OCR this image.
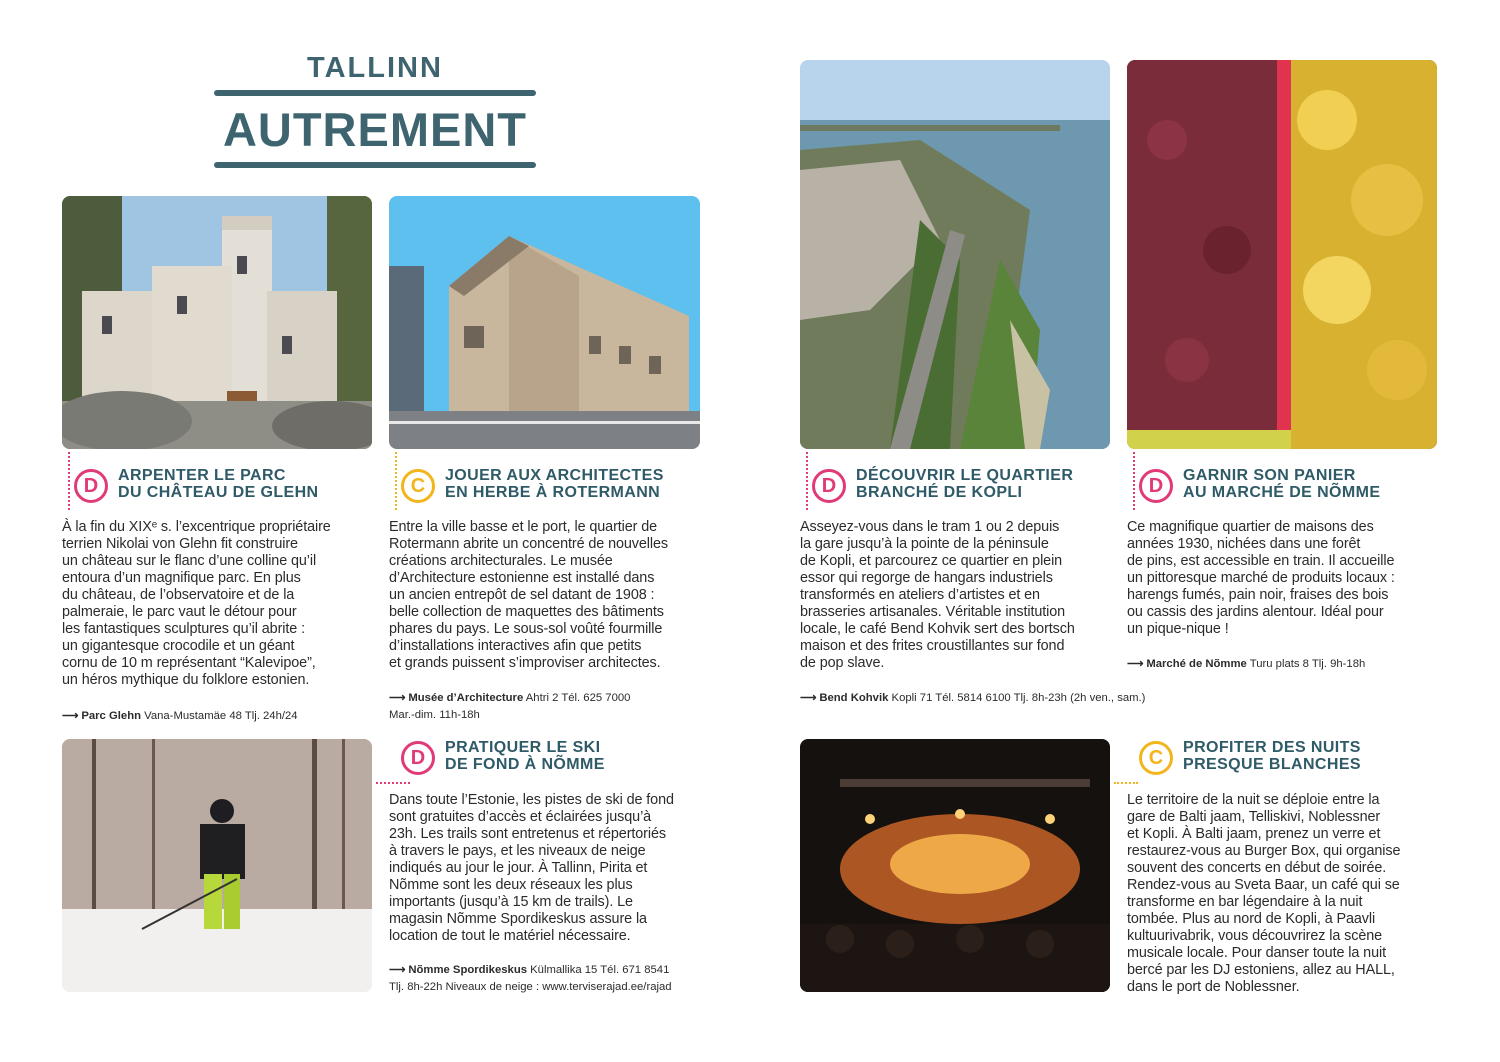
TALLINN
AUTREMENT
D	ARPENTER LE PARC
DU CHÂTEAU DE GLEHN
À la fin du XIXᵉ s. l’excentrique propriétaire
terrien Nikolai von Glehn fit construire
un château sur le flanc d’une colline qu’il
entoura d’un magnifique parc. En plus
du château, de l’observatoire et de la
palmeraie, le parc vaut le détour pour
les fantastiques sculptures qu’il abrite :
un gigantesque crocodile et un géant
cornu de 10 m représentant “Kalevipoe”,
un héros mythique du folklore estonien.
⟶ Parc Glehn Vana-Mustamäe 48 Tlj. 24h/24
C	JOUER AUX ARCHITECTES
EN HERBE À ROTERMANN
Entre la ville basse et le port, le quartier de
Rotermann abrite un concentré de nouvelles
créations architecturales. Le musée
d’Architecture estonienne est installé dans
un ancien entrepôt de sel datant de 1908 :
belle collection de maquettes des bâtiments
phares du pays. Le sous-sol voûté fourmille
d’installations interactives afin que petits
et grands puissent s’improviser architectes.
⟶ Musée d’Architecture Ahtri 2 Tél. 625 7000
Mar.-dim. 11h-18h
D	DÉCOUVRIR LE QUARTIER
BRANCHÉ DE KOPLI
Asseyez-vous dans le tram 1 ou 2 depuis
la gare jusqu’à la pointe de la péninsule
de Kopli, et parcourez ce quartier en plein
essor qui regorge de hangars industriels
transformés en ateliers d’artistes et en
brasseries artisanales. Véritable institution
locale, le café Bend Kohvik sert des bortsch
maison et des frites croustillantes sur fond
de pop slave.
⟶ Bend Kohvik Kopli 71 Tél. 5814 6100 Tlj. 8h-23h (2h ven., sam.)
D	GARNIR SON PANIER
AU MARCHÉ DE NÕMME
Ce magnifique quartier de maisons des
années 1930, nichées dans une forêt
de pins, est accessible en train. Il accueille
un pittoresque marché de produits locaux :
harengs fumés, pain noir, fraises des bois
ou cassis des jardins alentour. Idéal pour
un pique-nique !
⟶ Marché de Nõmme Turu plats 8 Tlj. 9h-18h
D	PRATIQUER LE SKI
DE FOND À NÕMME
Dans toute l’Estonie, les pistes de ski de fond
sont gratuites d’accès et éclairées jusqu’à
23h. Les trails sont entretenus et répertoriés
à travers le pays, et les niveaux de neige
indiqués au jour le jour. À Tallinn, Pirita et
Nõmme sont les deux réseaux les plus
importants (jusqu’à 15 km de trails). Le
magasin Nõmme Spordikeskus assure la
location de tout le matériel nécessaire.
⟶ Nõmme Spordikeskus Külmallika 15 Tél. 671 8541
Tlj. 8h-22h Niveaux de neige : www.terviserajad.ee/rajad
C	PROFITER DES NUITS
PRESQUE BLANCHES
Le territoire de la nuit se déploie entre la
gare de Balti jaam, Telliskivi, Noblessner
et Kopli. À Balti jaam, prenez un verre et
restaurez-vous au Burger Box, qui organise
souvent des concerts en début de soirée.
Rendez-vous au Sveta Baar, un café qui se
transforme en bar légendaire à la nuit
tombée. Plus au nord de Kopli, à Paavli
kultuurivabrik, vous découvrirez la scène
musicale locale. Pour danser toute la nuit
bercé par les DJ estoniens, allez au HALL,
dans le port de Noblessner.
